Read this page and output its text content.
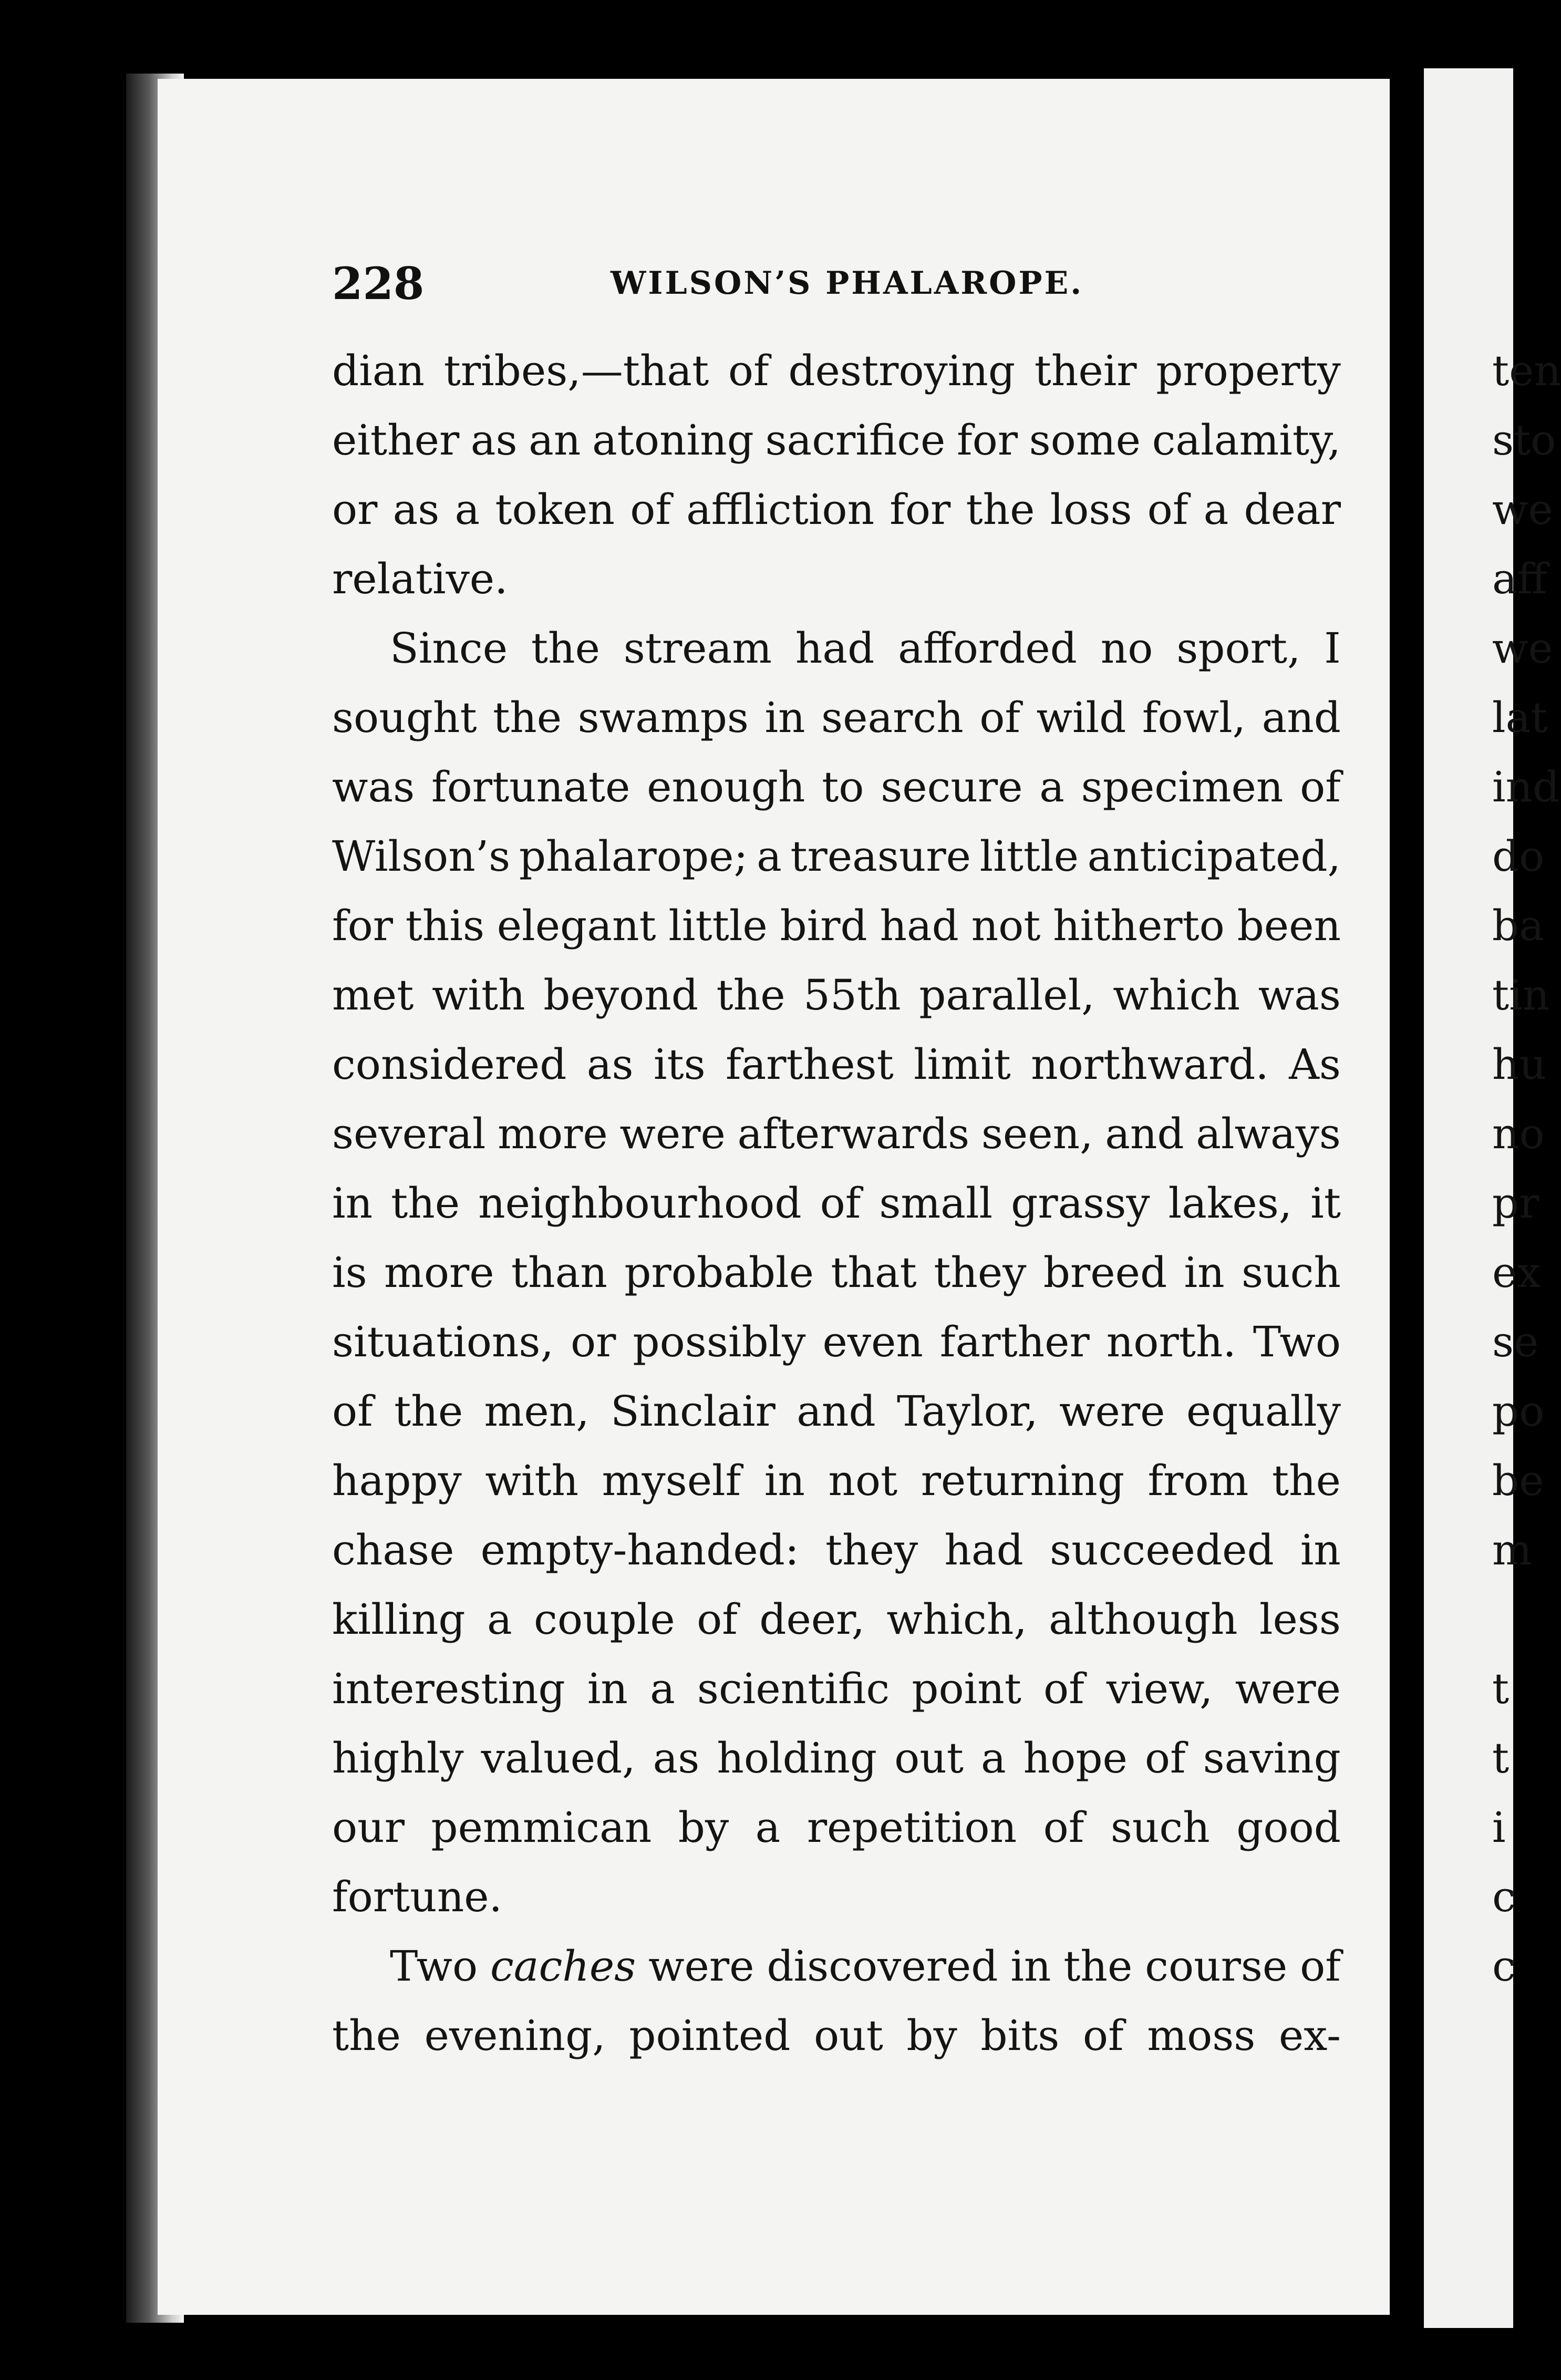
228	WILSON’S PHALAROPE.
dian tribes,—that of destroying their property
either as an atoning sacrifice for some calamity,
or as a token of affliction for the loss of a dear
relative.
Since the stream had afforded no sport, I
sought the swamps in search of wild fowl, and
was fortunate enough to secure a specimen of
Wilson’s phalarope; a treasure little anticipated,
for this elegant little bird had not hitherto been
met with beyond the 55th parallel, which was
considered as its farthest limit northward. As
several more were afterwards seen, and always
in the neighbourhood of small grassy lakes, it
is more than probable that they breed in such
situations, or possibly even farther north. Two
of the men, Sinclair and Taylor, were equally
happy with myself in not returning from the
chase empty-handed: they had succeeded in
killing a couple of deer, which, although less
interesting in a scientific point of view, were
highly valued, as holding out a hope of saving
our pemmican by a repetition of such good
fortune.
Two caches were discovered in the course of
the evening, pointed out by bits of moss ex-
ten
sto
we
aff
we
lat
ind
do
ba
tin
hu
no
pr
ex
se
po
be
m
t
t
i
c
c
